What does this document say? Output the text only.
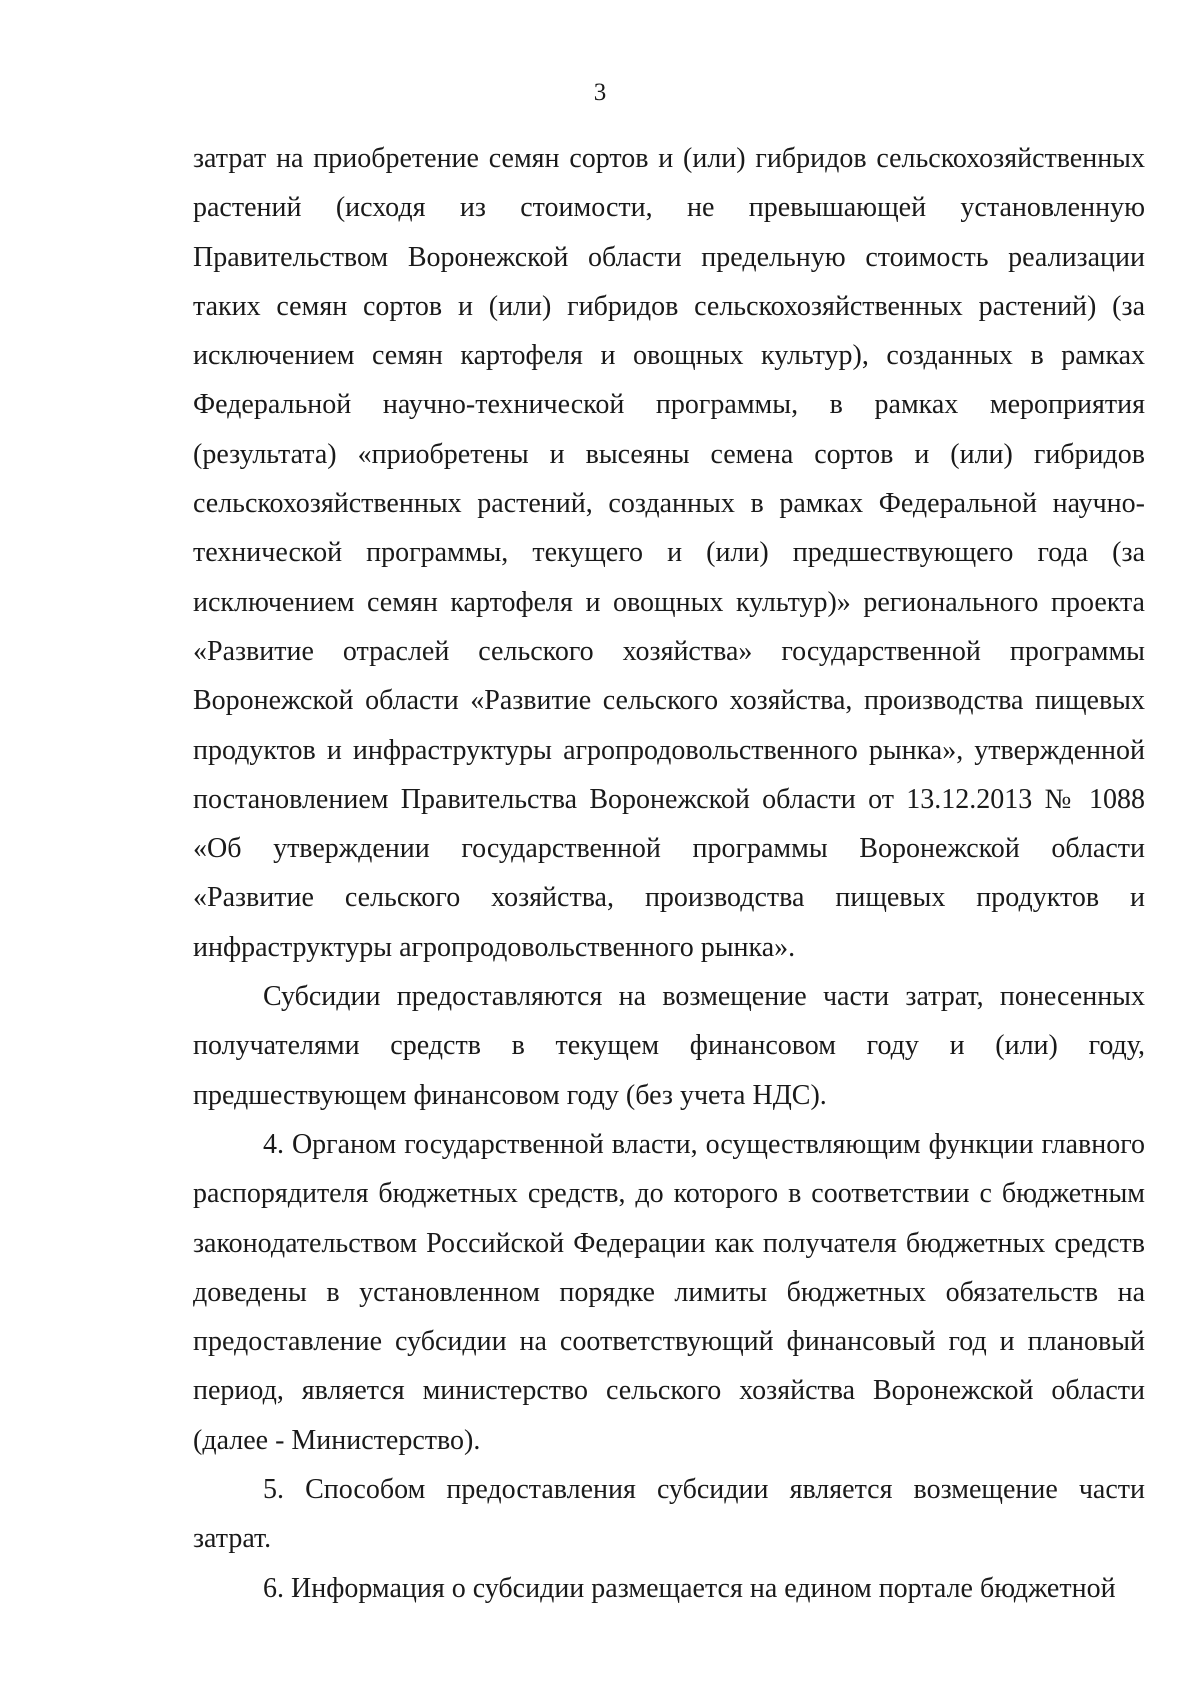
3

затрат на приобретение семян сортов и (или) гибридов сельскохозяйственных растений (исходя из стоимости, не превышающей установленную Правительством Воронежской области предельную стоимость реализации таких семян сортов и (или) гибридов сельскохозяйственных растений) (за исключением семян картофеля и овощных культур), созданных в рамках Федеральной научно-технической программы, в рамках мероприятия (результата) «приобретены и высеяны семена сортов и (или) гибридов сельскохозяйственных растений, созданных в рамках Федеральной научно-технической программы, текущего и (или) предшествующего года (за исключением семян картофеля и овощных культур)» регионального проекта «Развитие отраслей сельского хозяйства» государственной программы Воронежской области «Развитие сельского хозяйства, производства пищевых продуктов и инфраструктуры агропродовольственного рынка», утвержденной постановлением Правительства Воронежской области от 13.12.2013 № 1088 «Об утверждении государственной программы Воронежской области «Развитие сельского хозяйства, производства пищевых продуктов и инфраструктуры агропродовольственного рынка».

Субсидии предоставляются на возмещение части затрат, понесенных получателями средств в текущем финансовом году и (или) году, предшествующем финансовом году (без учета НДС).

4. Органом государственной власти, осуществляющим функции главного распорядителя бюджетных средств, до которого в соответствии с бюджетным законодательством Российской Федерации как получателя бюджетных средств доведены в установленном порядке лимиты бюджетных обязательств на предоставление субсидии на соответствующий финансовый год и плановый период, является министерство сельского хозяйства Воронежской области (далее - Министерство).

5. Способом предоставления субсидии является возмещение части затрат.

6. Информация о субсидии размещается на едином портале бюджетной
